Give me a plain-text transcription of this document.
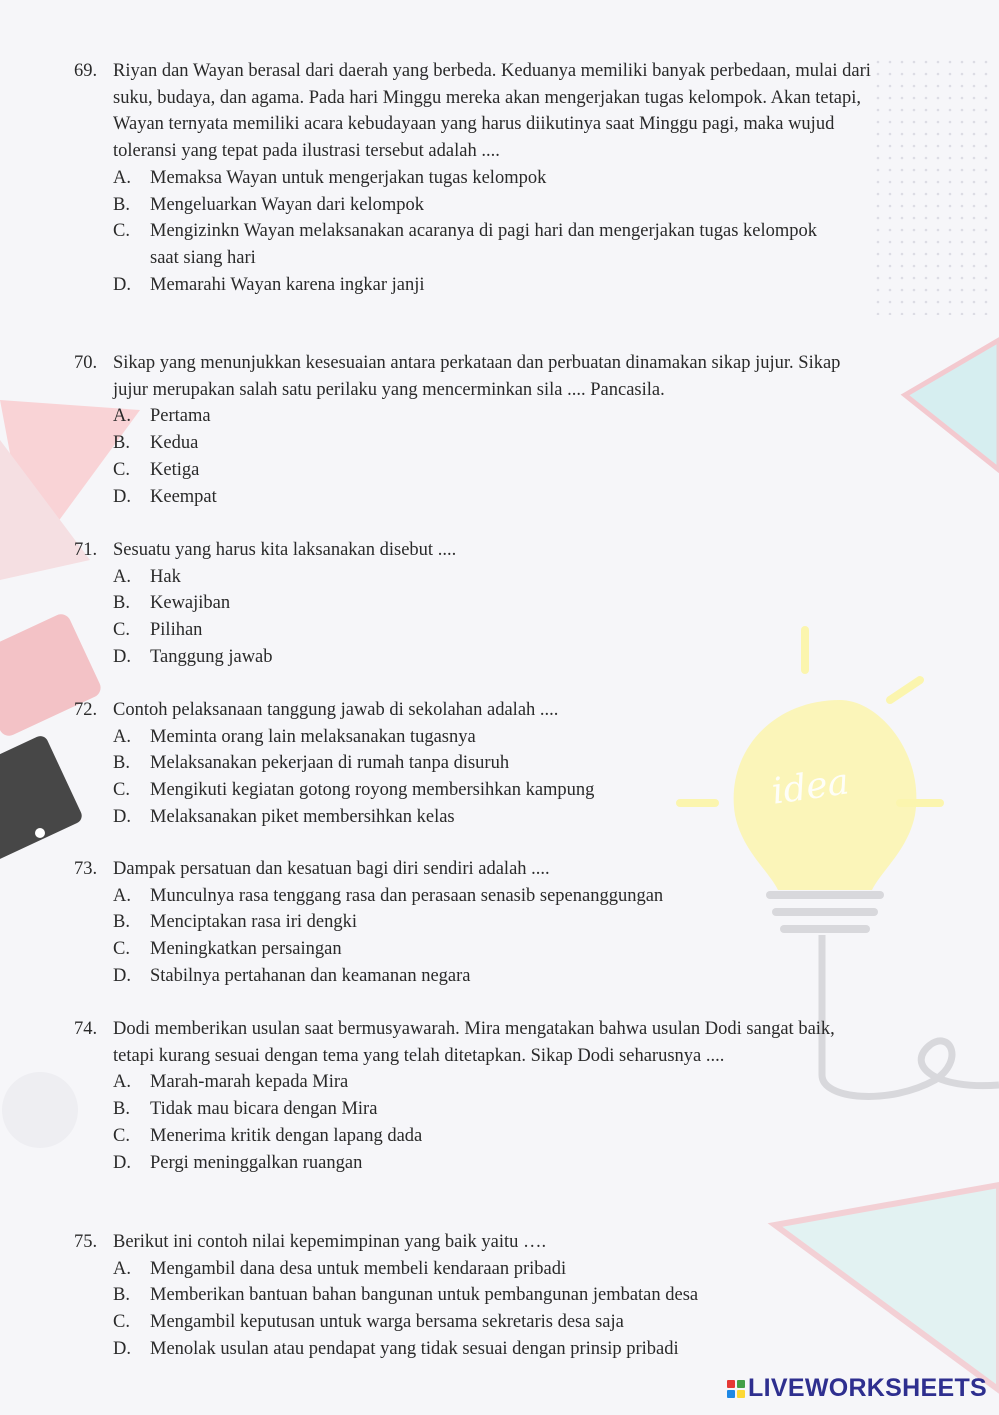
idea
69. Riyan dan Wayan berasal dari daerah yang berbeda. Keduanya memiliki banyak perbedaan, mulai dari suku, budaya, dan agama. Pada hari Minggu mereka akan mengerjakan tugas kelompok. Akan tetapi, Wayan ternyata memiliki acara kebudayaan yang harus diikutinya saat Minggu pagi, maka wujud toleransi yang tepat pada ilustrasi tersebut adalah ....
A. Memaksa Wayan untuk mengerjakan tugas kelompok
B. Mengeluarkan Wayan dari kelompok
C. Mengizinkn Wayan melaksanakan acaranya di pagi hari dan mengerjakan tugas kelompok saat siang hari
D. Memarahi Wayan karena ingkar janji
70. Sikap yang menunjukkan kesesuaian antara perkataan dan perbuatan dinamakan sikap jujur. Sikap jujur merupakan salah satu perilaku yang mencerminkan sila .... Pancasila.
A. Pertama
B. Kedua
C. Ketiga
D. Keempat
71. Sesuatu yang harus kita laksanakan disebut ....
A. Hak
B. Kewajiban
C. Pilihan
D. Tanggung jawab
72. Contoh pelaksanaan tanggung jawab di sekolahan adalah ....
A. Meminta orang lain melaksanakan tugasnya
B. Melaksanakan pekerjaan di rumah tanpa disuruh
C. Mengikuti kegiatan gotong royong membersihkan kampung
D. Melaksanakan piket membersihkan kelas
73. Dampak persatuan dan kesatuan bagi diri sendiri adalah ....
A. Munculnya rasa tenggang rasa dan perasaan senasib sepenanggungan
B. Menciptakan rasa iri dengki
C. Meningkatkan persaingan
D. Stabilnya pertahanan dan keamanan negara
74. Dodi memberikan usulan saat bermusyawarah. Mira mengatakan bahwa usulan Dodi sangat baik, tetapi kurang sesuai dengan tema yang telah ditetapkan. Sikap Dodi seharusnya ....
A. Marah-marah kepada Mira
B. Tidak mau bicara dengan Mira
C. Menerima kritik dengan lapang dada
D. Pergi meninggalkan ruangan
75. Berikut ini contoh nilai kepemimpinan yang baik yaitu ….
A. Mengambil dana desa untuk membeli kendaraan pribadi
B. Memberikan bantuan bahan bangunan untuk pembangunan jembatan desa
C. Mengambil keputusan untuk warga bersama sekretaris desa saja
D. Menolak usulan atau pendapat yang tidak sesuai dengan prinsip pribadi
LIVEWORKSHEETS
